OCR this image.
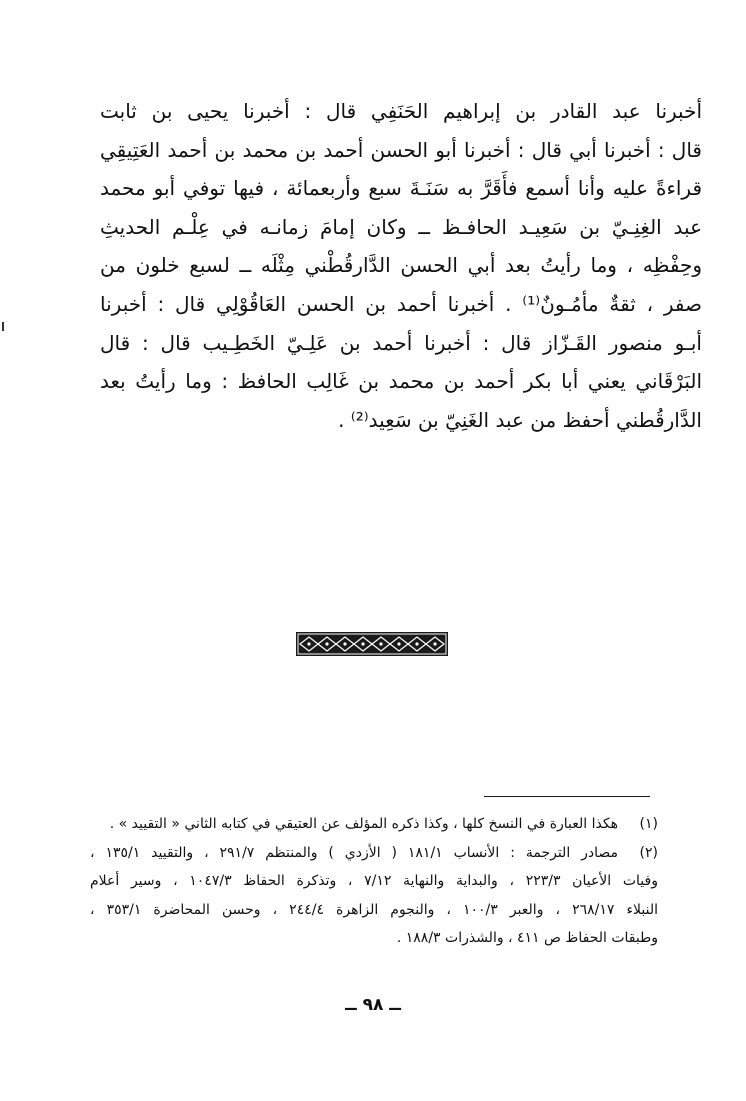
أخبرنا عبد القادر بن إبراهيم الحَنَفِي قال : أخبرنا يحيى بن ثابت
قال : أخبرنا أبي قال : أخبرنا أبو الحسن أحمد بن محمد بن أحمد العَتِيقِي
قراءةً عليه وأنا أسمع فأَقَرَّ به سَنَـةَ سبع وأربعمائة ، فيها توفي أبو محمد
عبد الغِنِـيّ بن سَعِيـد الحافـظ ــ وكان إمامَ زمانـه في عِلْـم الحديثِ
وحِفْظِه ، وما رأيتُ بعد أبي الحسن الدَّارقُطْني مِثْلَه ــ لسبع خلون من
صفر ، ثقةٌ مأمُـونٌ⁽¹⁾ . أخبرنا أحمد بن الحسن العَاقُوْلِي قال : أخبرنا
أبـو منصور القَـزّاز قال : أخبرنا أحمد بن عَلِـيّ الخَطِـيب قال : قال
البَرْقَاني يعني أبا بكر أحمد بن محمد بن غَالِب الحافظ : وما رأيتُ بعد
الدَّارقُطني أحفظ من عبد الغَنِيّ بن سَعِيد⁽²⁾ .
(١)
هكذا العبارة في النسخ كلها ، وكذا ذكره المؤلف عن العتيقي في كتابه الثاني « التقييد » .
(٢)
مصادر الترجمة : الأنساب ١٨١/١ ( الأزدي ) والمنتظم ٢٩١/٧ ، والتقييد ١٣٥/١ ،
وفيات الأعيان ٢٢٣/٣ ، والبداية والنهاية ٧/١٢ ، وتذكرة الحفاظ ١٠٤٧/٣ ، وسير أعلام
النبلاء ٢٦٨/١٧ ، والعبر ١٠٠/٣ ، والنجوم الزاهرة ٢٤٤/٤ ، وحسن المحاضرة ٣٥٣/١ ،
وطبقات الحفاظ ص ٤١١ ، والشذرات ١٨٨/٣ .
ــ ٩٨ ــ
